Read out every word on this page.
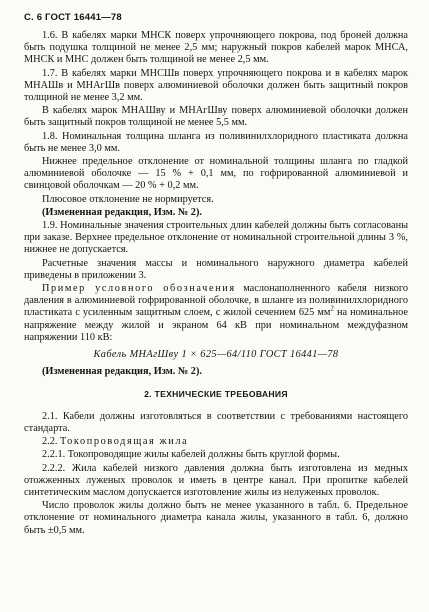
С. 6 ГОСТ 16441—78

1.6. В кабелях марки МНСК поверх упрочняющего покрова, под броней должна быть подушка толщиной не менее 2,5 мм; наружный покров кабелей марок МНСА, МНСК и МНС должен быть толщиной не менее 2,5 мм.

1.7. В кабелях марки МНСШв поверх упрочняющего покрова и в кабелях марок МНАШв и МНАгШв поверх алюминиевой оболочки должен быть защитный покров толщиной не менее 3,2 мм.

В кабелях марок МНАШву и МНАгШву поверх алюминиевой оболочки должен быть защитный покров толщиной не менее 5,5 мм.

1.8. Номинальная толщина шланга из поливинилхлоридного пластиката должна быть не менее 3,0 мм.

Нижнее предельное отклонение от номинальной толщины шланга по гладкой алюминиевой оболочке — 15 % + 0,1 мм, по гофрированной алюминиевой и свинцовой оболочкам — 20 % + 0,2 мм.

Плюсовое отклонение не нормируется.

(Измененная редакция, Изм. № 2).

1.9. Номинальные значения строительных длин кабелей должны быть согласованы при заказе. Верхнее предельное отклонение от номинальной строительной длины 3 %, нижнее не допускается.

Расчетные значения массы и номинального наружного диаметра кабелей приведены в приложении 3.

Пример условного обозначения маслонаполненного кабеля низкого давления в алюминиевой гофрированной оболочке, в шланге из поливинилхлоридного пластиката с усиленным защитным слоем, с жилой сечением 625 $мм^2$ на номинальное напряжение между жилой и экраном 64 кВ при номинальном междуфазном напряжении 110 кВ:

Кабель МНАгШву 1 × 625—64/110 ГОСТ 16441—78

(Измененная редакция, Изм. № 2).

2. ТЕХНИЧЕСКИЕ ТРЕБОВАНИЯ

2.1. Кабели должны изготовляться в соответствии с требованиями настоящего стандарта.

2.2. Токопроводящая жила

2.2.1. Токопроводящие жилы кабелей должны быть круглой формы.

2.2.2. Жила кабелей низкого давления должна быть изготовлена из медных отожженных луженых проволок и иметь в центре канал. При пропитке кабелей синтетическим маслом допускается изготовление жилы из нелуженых проволок.

Число проволок жилы должно быть не менее указанного в табл. 6. Предельное отклонение от номинального диаметра канала жилы, указанного в табл. 6, должно быть ±0,5 мм.
